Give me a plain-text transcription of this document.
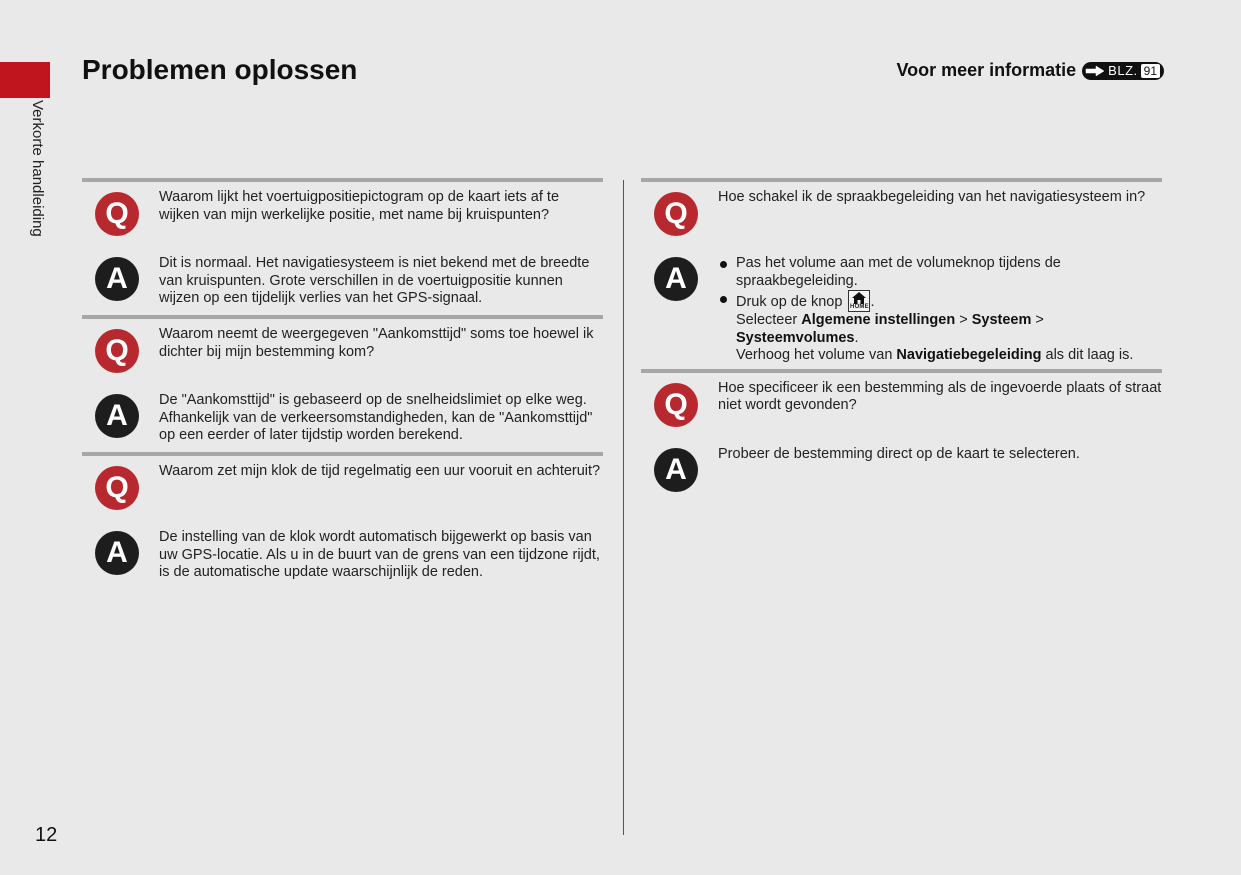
Verkorte handleiding
Problemen oplossen	Voor meer informatie BLZ. 91
Q	Waarom lijkt het voertuigpositiepictogram op de kaart iets af te wijken van mijn werkelijke positie, met name bij kruispunten?
A	Dit is normaal. Het navigatiesysteem is niet bekend met de breedte van kruispunten. Grote verschillen in de voertuigpositie kunnen wijzen op een tijdelijk verlies van het GPS-signaal.
Q	Waarom neemt de weergegeven "Aankomsttijd" soms toe hoewel ik dichter bij mijn bestemming kom?
A	De "Aankomsttijd" is gebaseerd op de snelheidslimiet op elke weg. Afhankelijk van de verkeersomstandigheden, kan de "Aankomsttijd" op een eerder of later tijdstip worden berekend.
Q	Waarom zet mijn klok de tijd regelmatig een uur vooruit en achteruit?
A	De instelling van de klok wordt automatisch bijgewerkt op basis van uw GPS-locatie. Als u in de buurt van de grens van een tijdzone rijdt, is de automatische update waarschijnlijk de reden.
Q	Hoe schakel ik de spraakbegeleiding van het navigatiesysteem in?
A	Pas het volume aan met de volumeknop tijdens de spraakbegeleiding.
Druk op de knop HOME .
Selecteer Algemene instellingen > Systeem >
Systeemvolumes.
Verhoog het volume van Navigatiebegeleiding als dit laag is.
Q	Hoe specificeer ik een bestemming als de ingevoerde plaats of straat niet wordt gevonden?
A	Probeer de bestemming direct op de kaart te selecteren.
12
